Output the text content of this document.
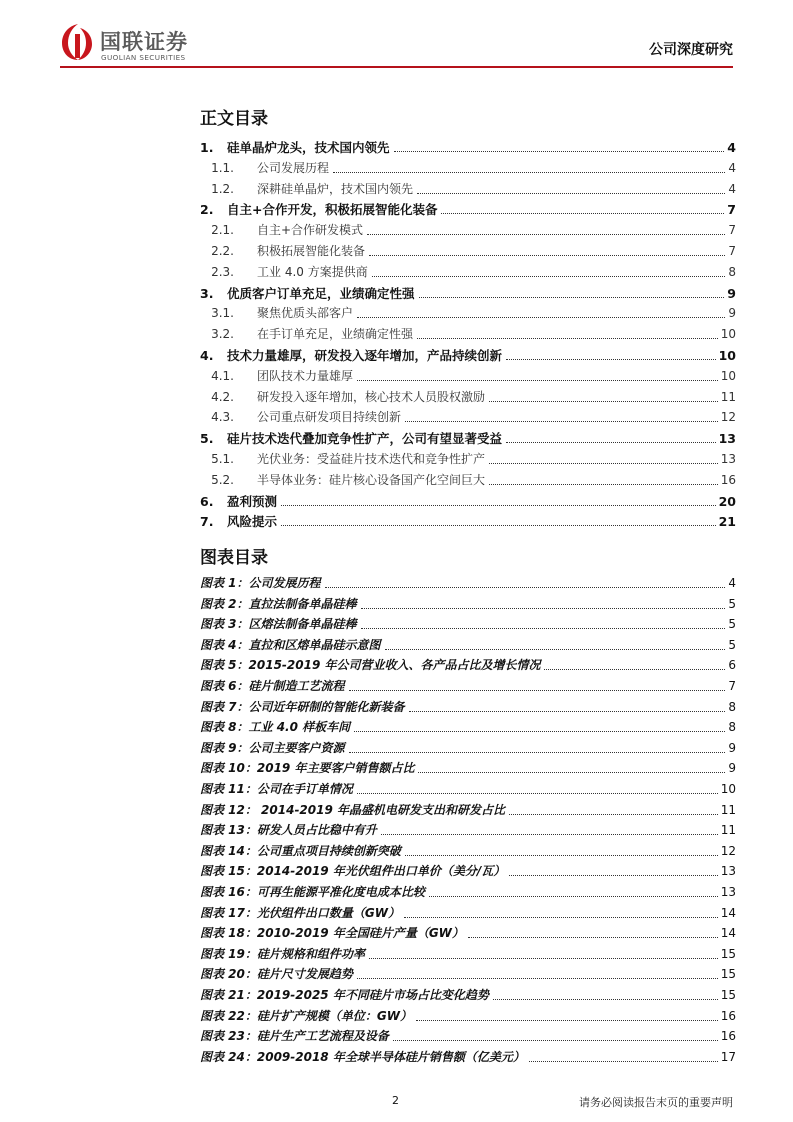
国联证券
GUOLIAN SECURITIES	公司深度研究
正文目录
1.	硅单晶炉龙头，技术国内领先	4
1.1.	公司发展历程	4
1.2.	深耕硅单晶炉，技术国内领先	4
2.	自主+合作开发，积极拓展智能化装备	7
2.1.	自主+合作研发模式	7
2.2.	积极拓展智能化装备	7
2.3.	工业 4.0 方案提供商	8
3.	优质客户订单充足，业绩确定性强	9
3.1.	聚焦优质头部客户	9
3.2.	在手订单充足，业绩确定性强	10
4.	技术力量雄厚，研发投入逐年增加，产品持续创新	10
4.1.	团队技术力量雄厚	10
4.2.	研发投入逐年增加，核心技术人员股权激励	11
4.3.	公司重点研发项目持续创新	12
5.	硅片技术迭代叠加竞争性扩产，公司有望显著受益	13
5.1.	光伏业务：受益硅片技术迭代和竞争性扩产	13
5.2.	半导体业务：硅片核心设备国产化空间巨大	16
6.	盈利预测	20
7.	风险提示	21
图表目录
图表 1：公司发展历程	4
图表 2：直拉法制备单晶硅棒	5
图表 3：区熔法制备单晶硅棒	5
图表 4：直拉和区熔单晶硅示意图	5
图表 5：2015-2019 年公司营业收入、各产品占比及增长情况	6
图表 6：硅片制造工艺流程	7
图表 7：公司近年研制的智能化新装备	8
图表 8：工业 4.0 样板车间	8
图表 9：公司主要客户资源	9
图表 10：2019 年主要客户销售额占比	9
图表 11：公司在手订单情况	10
图表 12： 2014-2019 年晶盛机电研发支出和研发占比	11
图表 13：研发人员占比稳中有升	11
图表 14：公司重点项目持续创新突破	12
图表 15：2014-2019 年光伏组件出口单价（美分/瓦）	13
图表 16：可再生能源平准化度电成本比较	13
图表 17：光伏组件出口数量（GW）	14
图表 18：2010-2019 年全国硅片产量（GW）	14
图表 19：硅片规格和组件功率	15
图表 20：硅片尺寸发展趋势	15
图表 21：2019-2025 年不同硅片市场占比变化趋势	15
图表 22：硅片扩产规模（单位：GW）	16
图表 23：硅片生产工艺流程及设备	16
图表 24：2009-2018 年全球半导体硅片销售额（亿美元）	17
2	请务必阅读报告末页的重要声明
